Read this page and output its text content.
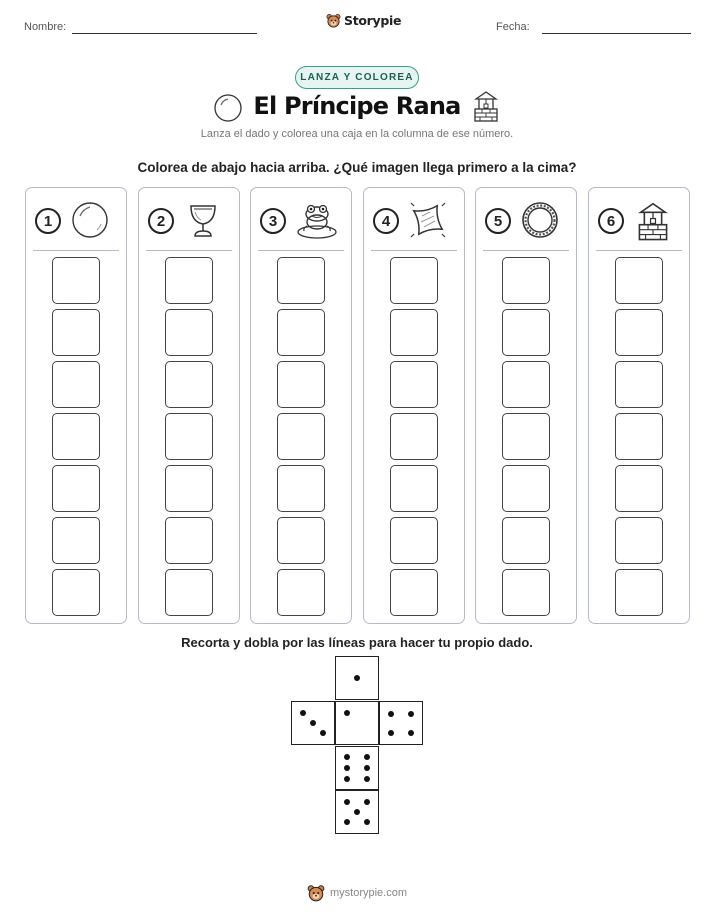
Nombre:	Fecha:
Storypie
LANZA Y COLOREA
El Príncipe Rana
Lanza el dado y colorea una caja en la columna de ese número.
Colorea de abajo hacia arriba. ¿Qué imagen llega primero a la cima?
1	2	3	4	5	6
Recorta y dobla por las líneas para hacer tu propio dado.
mystorypie.com
